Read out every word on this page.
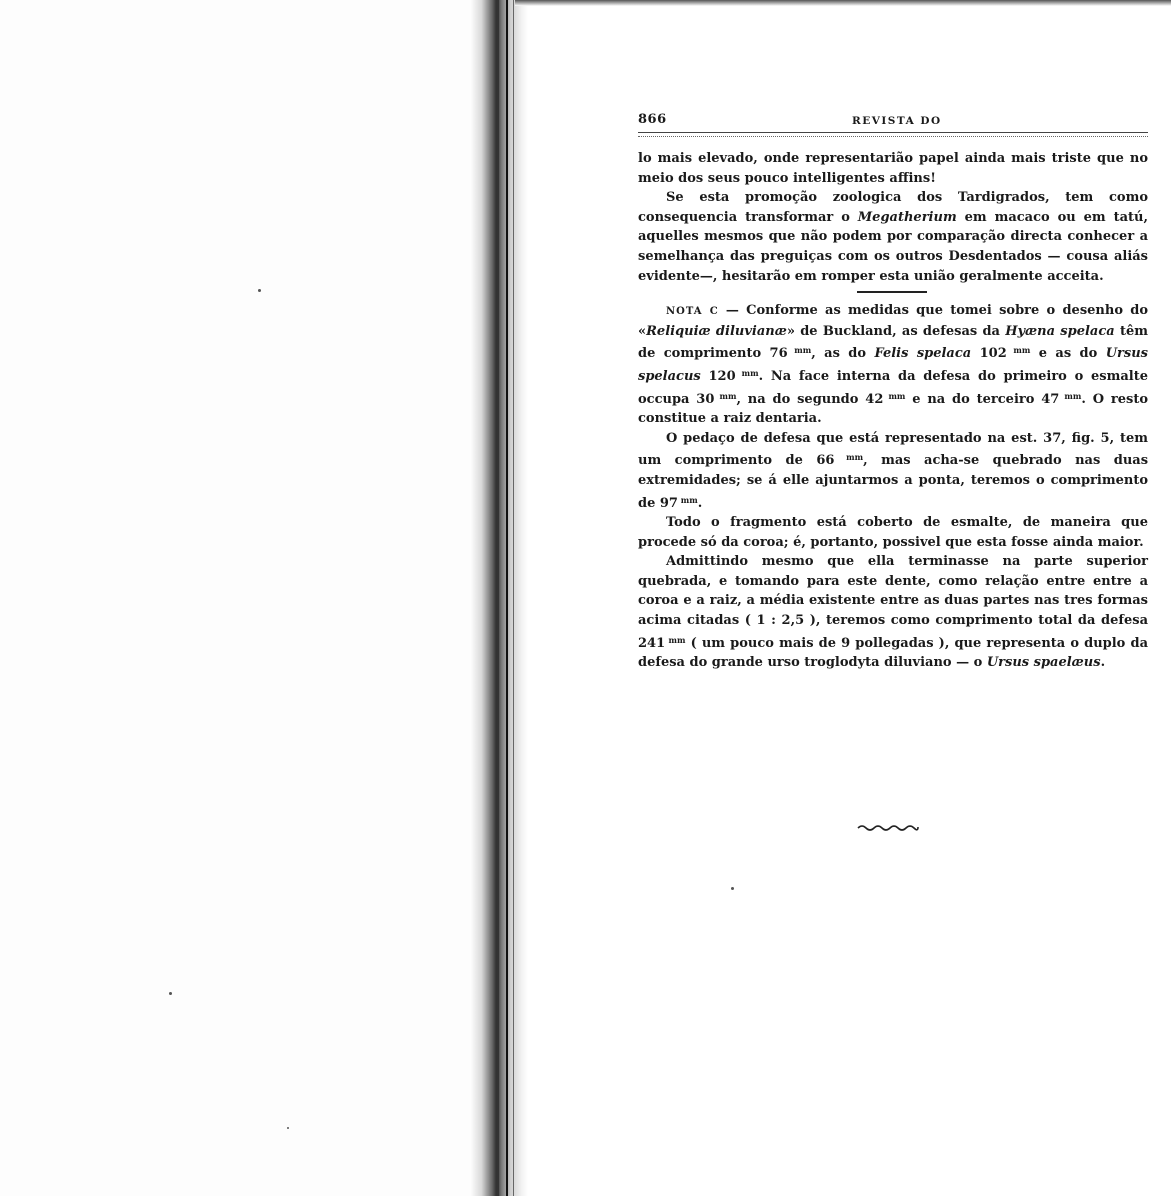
866	REVISTA DO

lo mais elevado, onde representarião papel ainda mais triste que no meio dos seus pouco intelligentes affins!

Se esta promoção zoologica dos Tardigrados, tem como consequencia transformar o Megatherium em macaco ou em tatú, aquelles mesmos que não podem por comparação directa conhecer a semelhança das preguiças com os outros Desdentados — cousa aliás evidente—, hesitarão em romper esta união geralmente acceita.

NOTA C — Conforme as medidas que tomei sobre o desenho do «Reliquiæ diluvianæ» de Buckland, as defesas da Hyæna spelaca têm de comprimento 76 $^{mm}$, as do Felis spelaca 102 $^{mm}$ e as do Ursus spelacus 120 $^{mm}$. Na face interna da defesa do primeiro o esmalte occupa 30 $^{mm}$, na do segundo 42 $^{mm}$ e na do terceiro 47 $^{mm}$. O resto constitue a raiz dentaria.

O pedaço de defesa que está representado na est. 37, fig. 5, tem um comprimento de 66 $^{mm}$, mas acha-se quebrado nas duas extremidades; se á elle ajuntarmos a ponta, teremos o comprimento de 97 $^{mm}$.

Todo o fragmento está coberto de esmalte, de maneira que procede só da coroa; é, portanto, possivel que esta fosse ainda maior.

Admittindo mesmo que ella terminasse na parte superior quebrada, e tomando para este dente, como relação entre entre a coroa e a raiz, a média existente entre as duas partes nas tres formas acima citadas ( 1 : 2,5 ), teremos como comprimento total da defesa 241 $^{mm}$ ( um pouco mais de 9 pollegadas ), que representa o duplo da defesa do grande urso troglodyta diluviano — o Ursus spaelæus.
